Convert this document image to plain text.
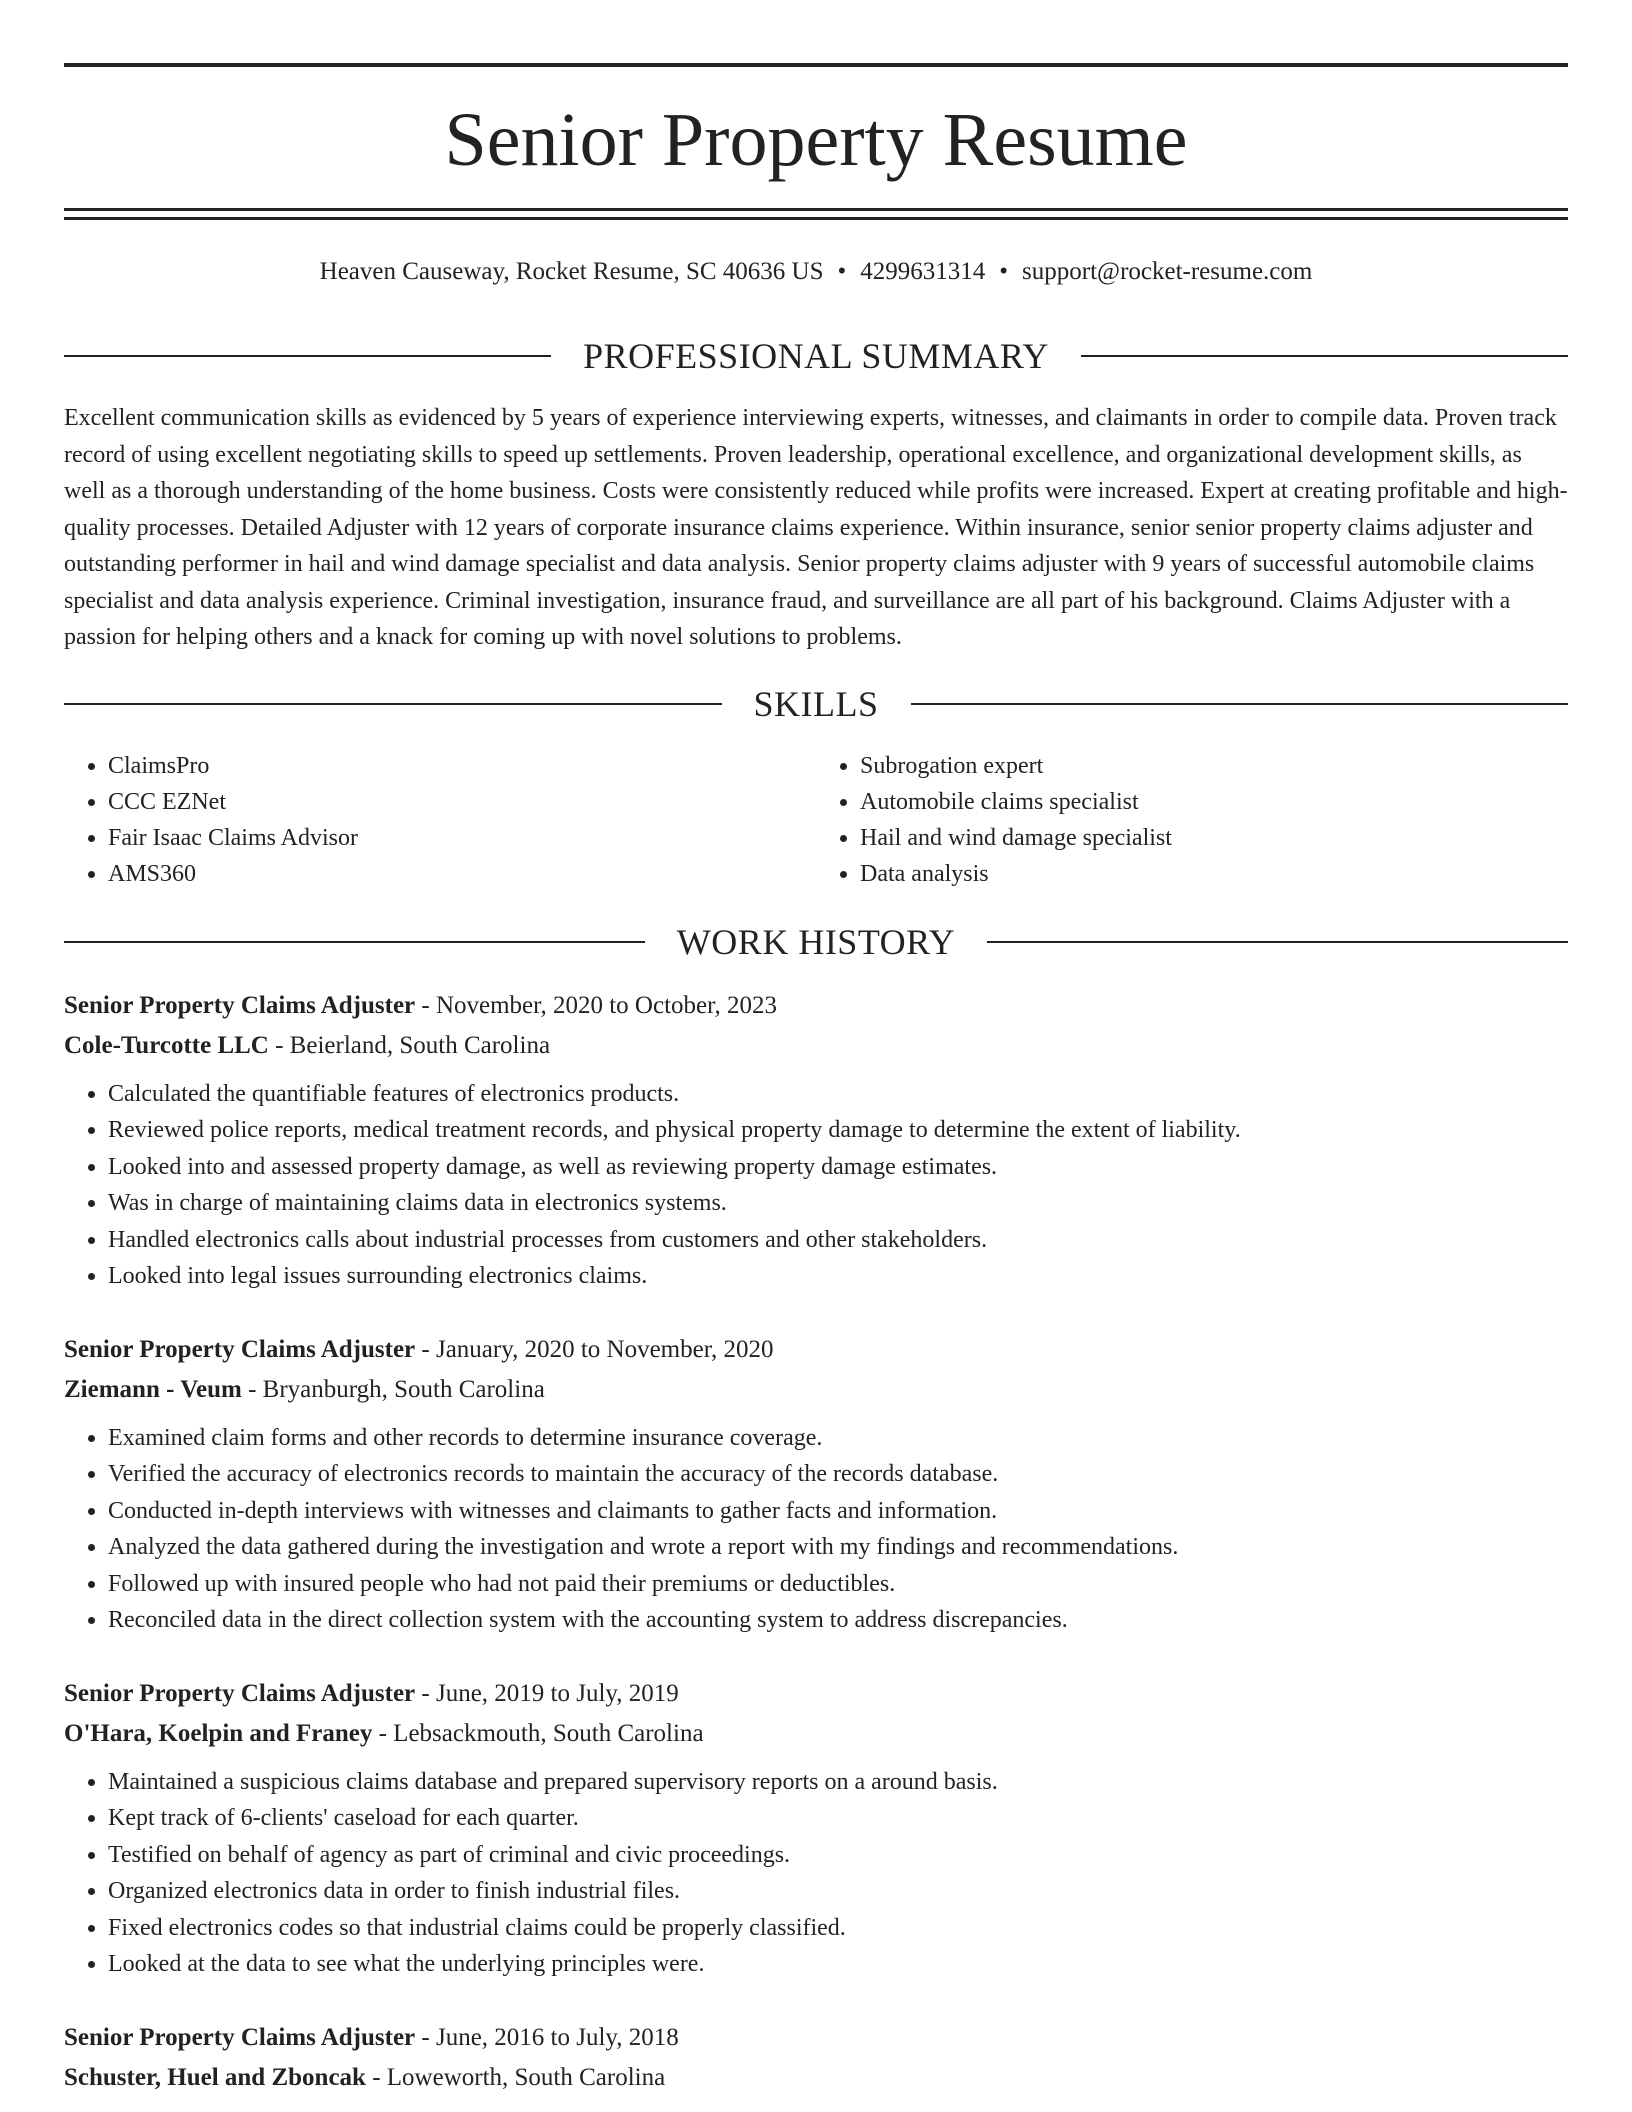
Senior Property Resume
Heaven Causeway, Rocket Resume, SC 40636 US • 4299631314 • support@rocket-resume.com
PROFESSIONAL SUMMARY

Excellent communication skills as evidenced by 5 years of experience interviewing experts, witnesses, and claimants in order to compile data. Proven track record of using excellent negotiating skills to speed up settlements. Proven leadership, operational excellence, and organizational development skills, as well as a thorough understanding of the home business. Costs were consistently reduced while profits were increased. Expert at creating profitable and high-quality processes. Detailed Adjuster with 12 years of corporate insurance claims experience. Within insurance, senior senior property claims adjuster and outstanding performer in hail and wind damage specialist and data analysis. Senior property claims adjuster with 9 years of successful automobile claims specialist and data analysis experience. Criminal investigation, insurance fraud, and surveillance are all part of his background. Claims Adjuster with a passion for helping others and a knack for coming up with novel solutions to problems.

SKILLS
• ClaimsPro
• CCC EZNet
• Fair Isaac Claims Advisor
• AMS360
• Subrogation expert
• Automobile claims specialist
• Hail and wind damage specialist
• Data analysis
WORK HISTORY
Senior Property Claims Adjuster - November, 2020 to October, 2023
Cole-Turcotte LLC - Beierland, South Carolina
• Calculated the quantifiable features of electronics products.
• Reviewed police reports, medical treatment records, and physical property damage to determine the extent of liability.
• Looked into and assessed property damage, as well as reviewing property damage estimates.
• Was in charge of maintaining claims data in electronics systems.
• Handled electronics calls about industrial processes from customers and other stakeholders.
• Looked into legal issues surrounding electronics claims.
Senior Property Claims Adjuster - January, 2020 to November, 2020
Ziemann - Veum - Bryanburgh, South Carolina
• Examined claim forms and other records to determine insurance coverage.
• Verified the accuracy of electronics records to maintain the accuracy of the records database.
• Conducted in-depth interviews with witnesses and claimants to gather facts and information.
• Analyzed the data gathered during the investigation and wrote a report with my findings and recommendations.
• Followed up with insured people who had not paid their premiums or deductibles.
• Reconciled data in the direct collection system with the accounting system to address discrepancies.
Senior Property Claims Adjuster - June, 2019 to July, 2019
O'Hara, Koelpin and Franey - Lebsackmouth, South Carolina
• Maintained a suspicious claims database and prepared supervisory reports on a around basis.
• Kept track of 6-clients' caseload for each quarter.
• Testified on behalf of agency as part of criminal and civic proceedings.
• Organized electronics data in order to finish industrial files.
• Fixed electronics codes so that industrial claims could be properly classified.
• Looked at the data to see what the underlying principles were.
Senior Property Claims Adjuster - June, 2016 to July, 2018
Schuster, Huel and Zboncak - Loweworth, South Carolina
